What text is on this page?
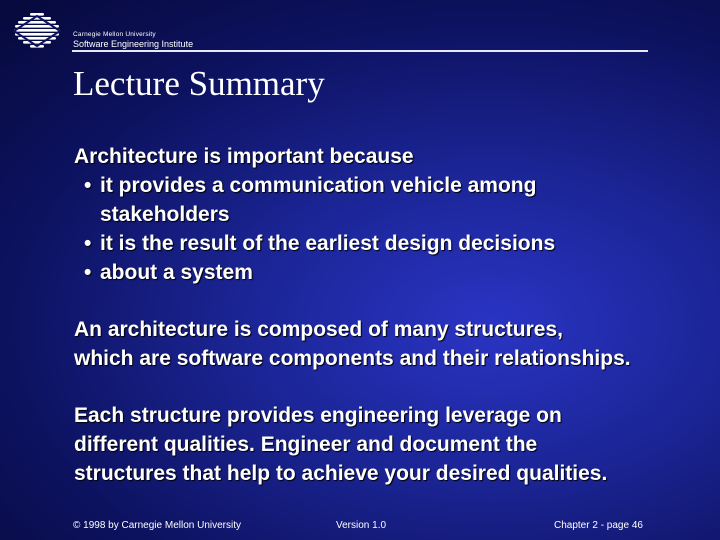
Carnegie Mellon University
Software Engineering Institute
Lecture Summary
Architecture is important because
• it provides a communication vehicle among
stakeholders
• it is the result of the earliest design decisions
• about a system
An architecture is composed of many structures,
which are software components and their relationships.
Each structure provides engineering leverage on
different qualities. Engineer and document the
structures that help to achieve your desired qualities.
© 1998 by Carnegie Mellon University	Version 1.0	Chapter 2 - page 46
